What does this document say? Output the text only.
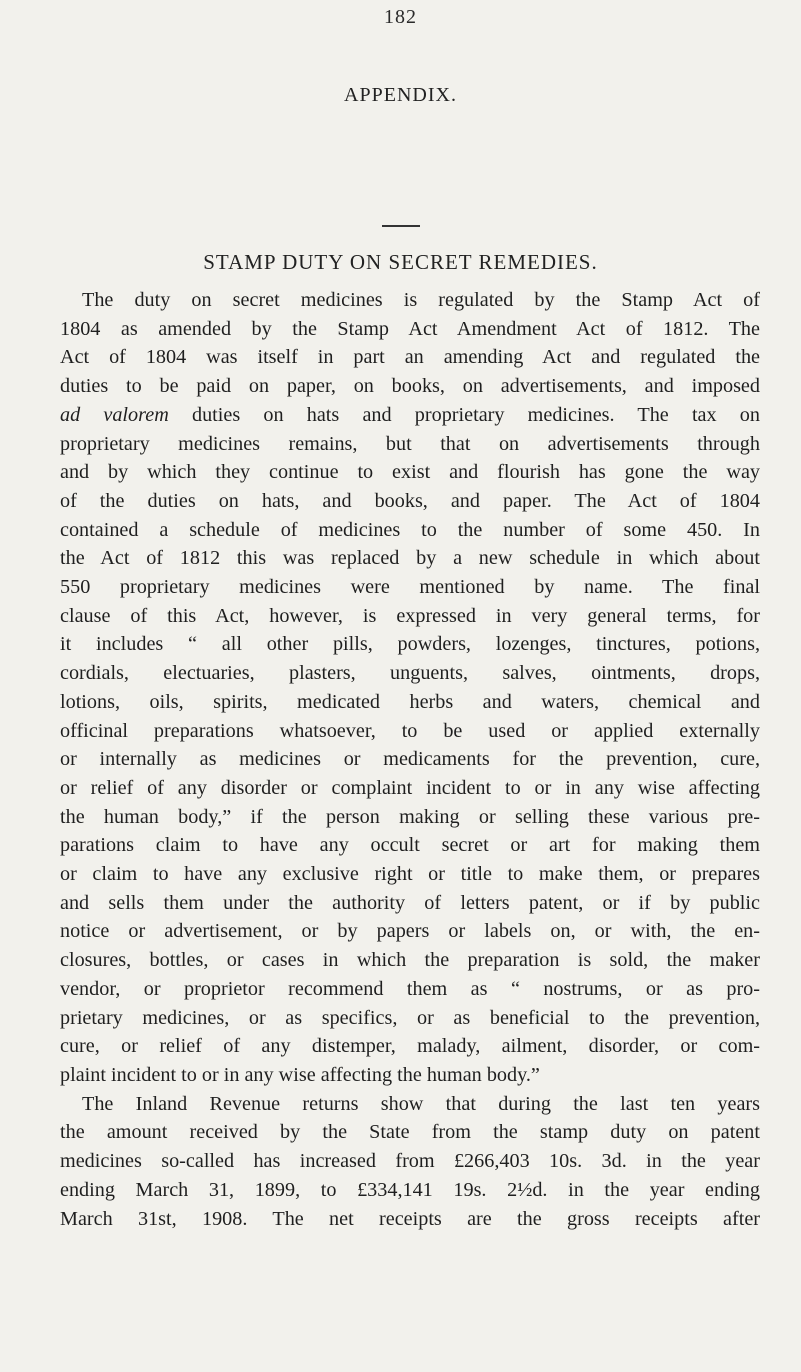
182
APPENDIX.
STAMP DUTY ON SECRET REMEDIES.
The duty on secret medicines is regulated by the Stamp Act of
1804 as amended by the Stamp Act Amendment Act of 1812. The
Act of 1804 was itself in part an amending Act and regulated the
duties to be paid on paper, on books, on advertisements, and imposed
ad valorem duties on hats and proprietary medicines. The tax on
proprietary medicines remains, but that on advertisements through
and by which they continue to exist and flourish has gone the way
of the duties on hats, and books, and paper. The Act of 1804
contained a schedule of medicines to the number of some 450. In
the Act of 1812 this was replaced by a new schedule in which about
550 proprietary medicines were mentioned by name. The final
clause of this Act, however, is expressed in very general terms, for
it includes “ all other pills, powders, lozenges, tinctures, potions,
cordials, electuaries, plasters, unguents, salves, ointments, drops,
lotions, oils, spirits, medicated herbs and waters, chemical and
officinal preparations whatsoever, to be used or applied externally
or internally as medicines or medicaments for the prevention, cure,
or relief of any disorder or complaint incident to or in any wise affecting
the human body,” if the person making or selling these various pre-
parations claim to have any occult secret or art for making them
or claim to have any exclusive right or title to make them, or prepares
and sells them under the authority of letters patent, or if by public
notice or advertisement, or by papers or labels on, or with, the en-
closures, bottles, or cases in which the preparation is sold, the maker
vendor, or proprietor recommend them as “ nostrums, or as pro-
prietary medicines, or as specifics, or as beneficial to the prevention,
cure, or relief of any distemper, malady, ailment, disorder, or com-
plaint incident to or in any wise affecting the human body.”
The Inland Revenue returns show that during the last ten years
the amount received by the State from the stamp duty on patent
medicines so-called has increased from £266,403 10s. 3d. in the year
ending March 31, 1899, to £334,141 19s. 2½d. in the year ending
March 31st, 1908. The net receipts are the gross receipts after
